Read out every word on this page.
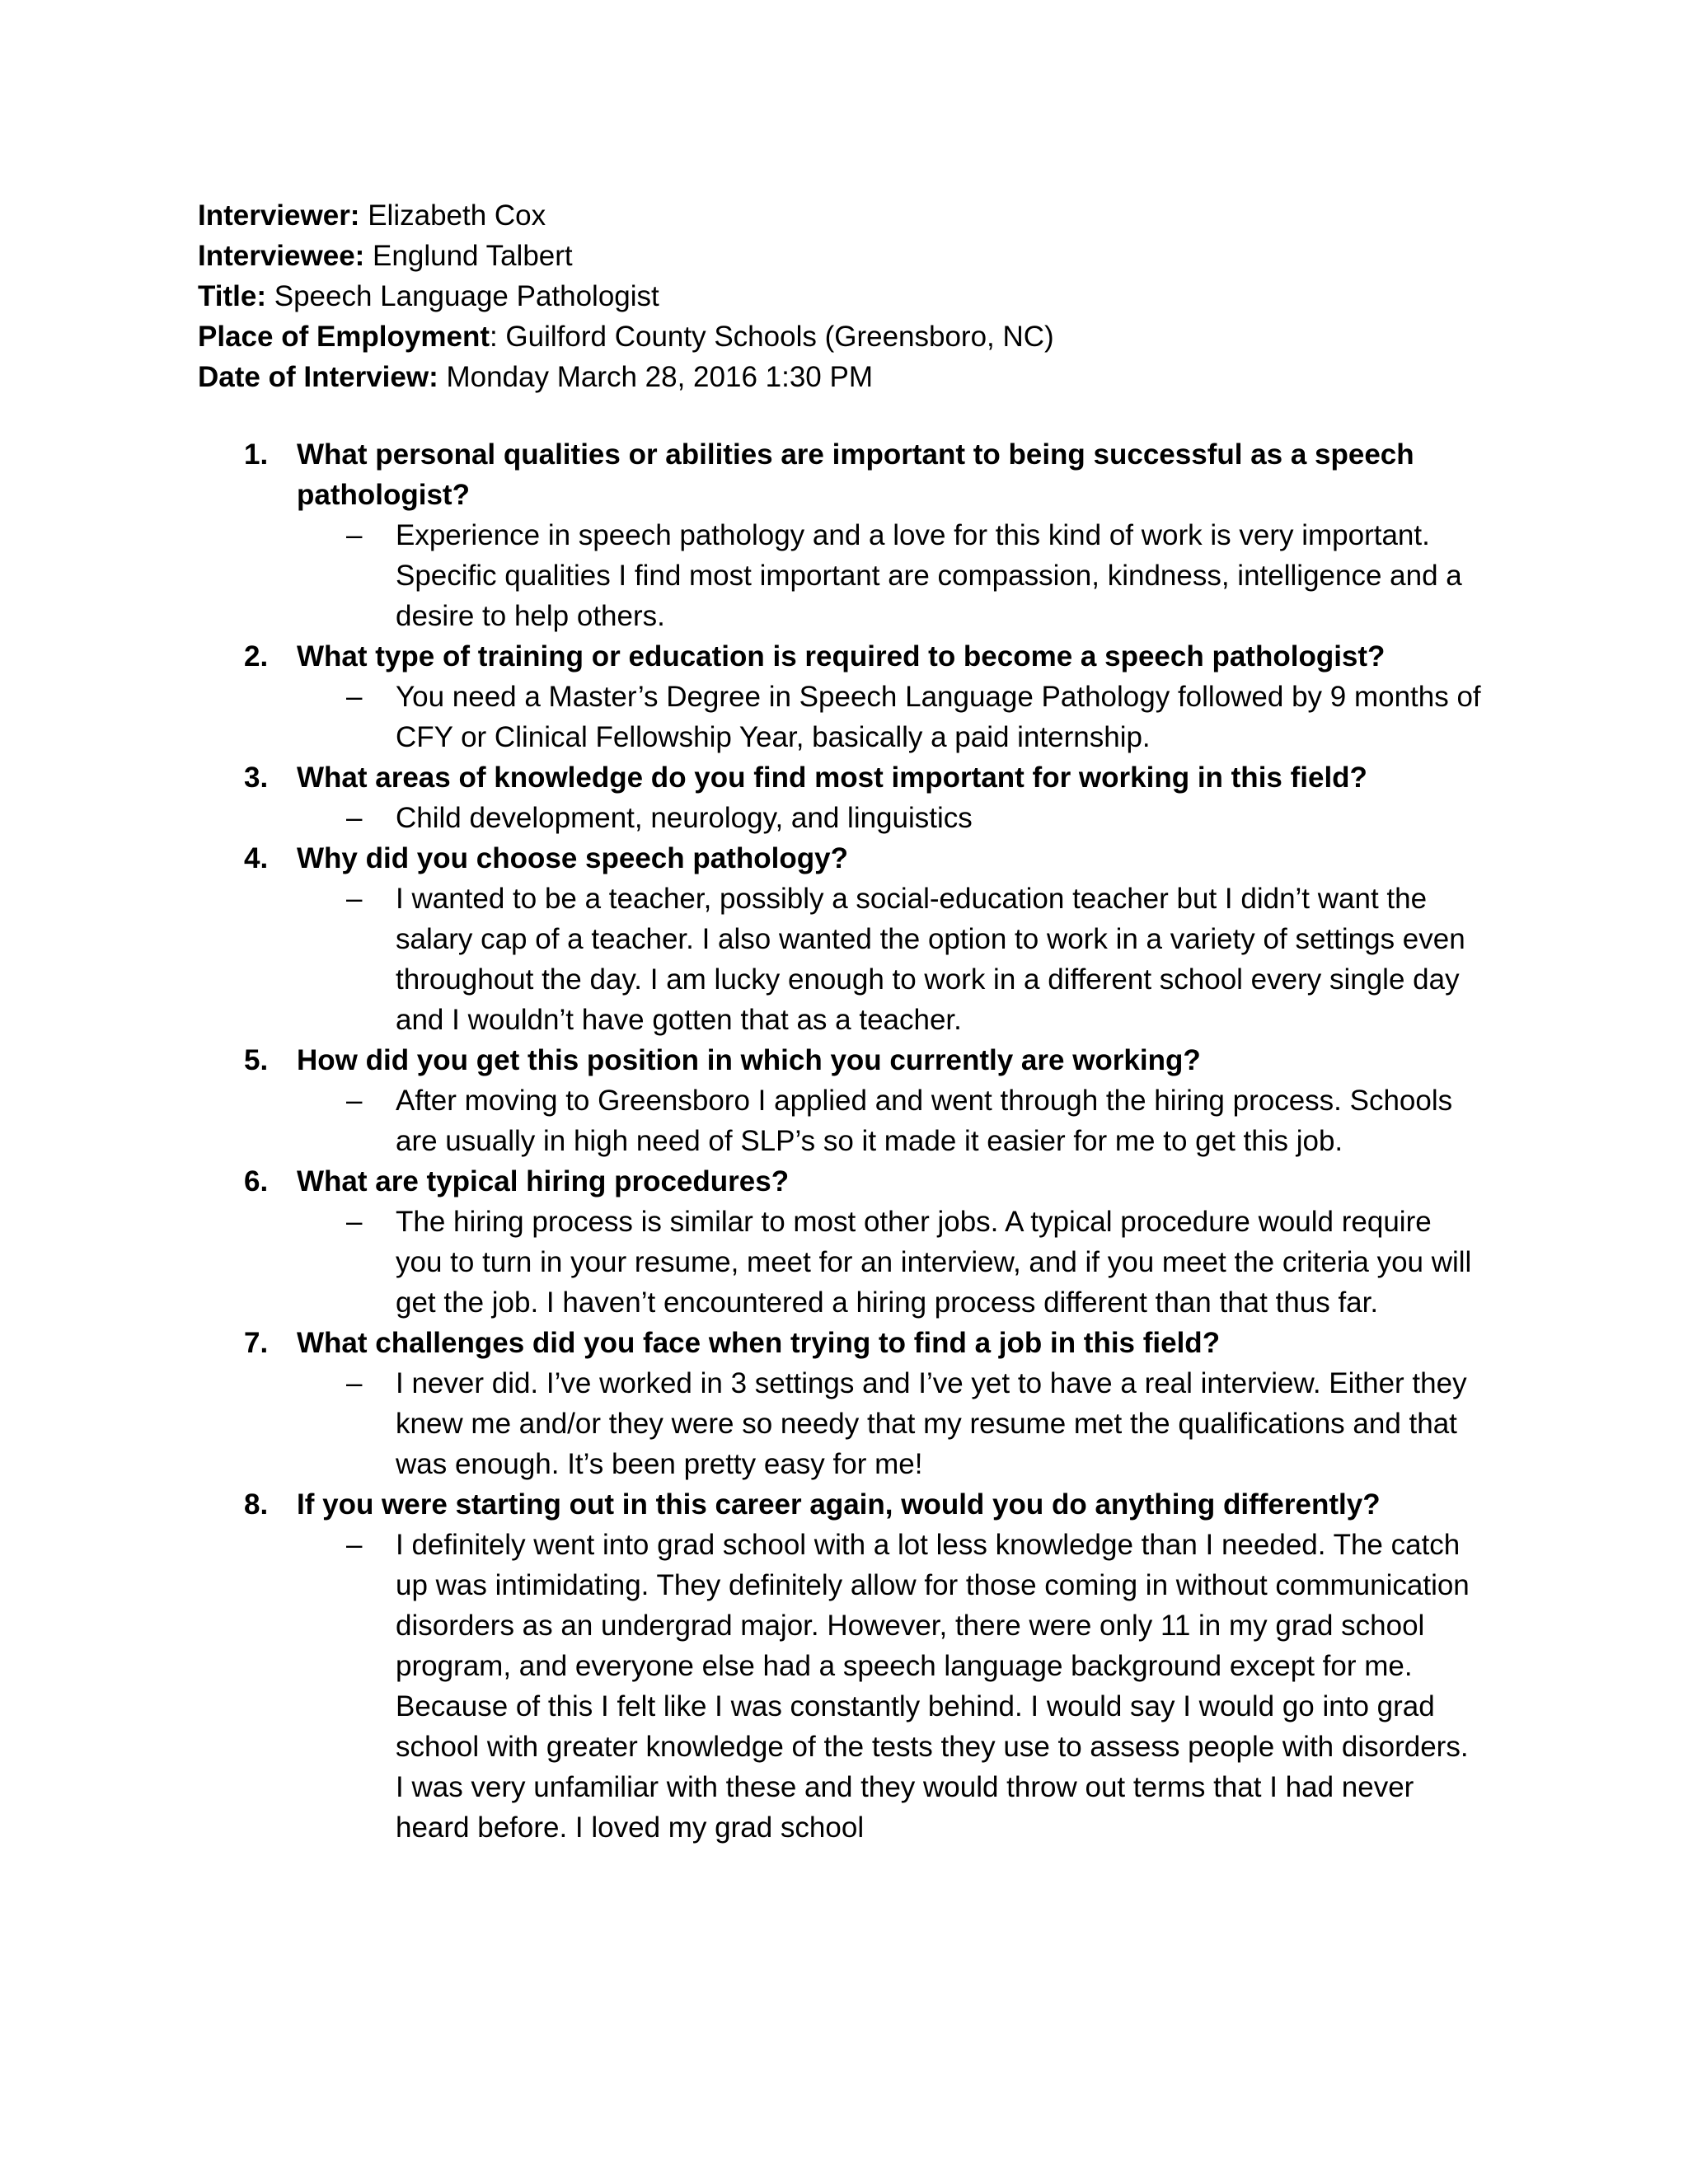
Interviewer: Elizabeth Cox
Interviewee: Englund Talbert
Title: Speech Language Pathologist
Place of Employment: Guilford County Schools (Greensboro, NC)
Date of Interview: Monday March 28, 2016 1:30 PM
1. What personal qualities or abilities are important to being successful as a speech pathologist?
– Experience in speech pathology and a love for this kind of work is very important. Specific qualities I find most important are compassion, kindness, intelligence and a desire to help others.
2. What type of training or education is required to become a speech pathologist?
– You need a Master’s Degree in Speech Language Pathology followed by 9 months of CFY or Clinical Fellowship Year, basically a paid internship.
3. What areas of knowledge do you find most important for working in this field?
– Child development, neurology, and linguistics
4. Why did you choose speech pathology?
– I wanted to be a teacher, possibly a social-education teacher but I didn’t want the salary cap of a teacher. I also wanted the option to work in a variety of settings even throughout the day. I am lucky enough to work in a different school every single day and I wouldn’t have gotten that as a teacher.
5. How did you get this position in which you currently are working?
– After moving to Greensboro I applied and went through the hiring process. Schools are usually in high need of SLP’s so it made it easier for me to get this job.
6. What are typical hiring procedures?
– The hiring process is similar to most other jobs. A typical procedure would require you to turn in your resume, meet for an interview, and if you meet the criteria you will get the job. I haven’t encountered a hiring process different than that thus far.
7. What challenges did you face when trying to find a job in this field?
– I never did. I’ve worked in 3 settings and I’ve yet to have a real interview. Either they knew me and/or they were so needy that my resume met the qualifications and that was enough. It’s been pretty easy for me!
8. If you were starting out in this career again, would you do anything differently?
– I definitely went into grad school with a lot less knowledge than I needed. The catch up was intimidating. They definitely allow for those coming in without communication disorders as an undergrad major. However, there were only 11 in my grad school program, and everyone else had a speech language background except for me. Because of this I felt like I was constantly behind. I would say I would go into grad school with greater knowledge of the tests they use to assess people with disorders. I was very unfamiliar with these and they would throw out terms that I had never heard before. I loved my grad school
